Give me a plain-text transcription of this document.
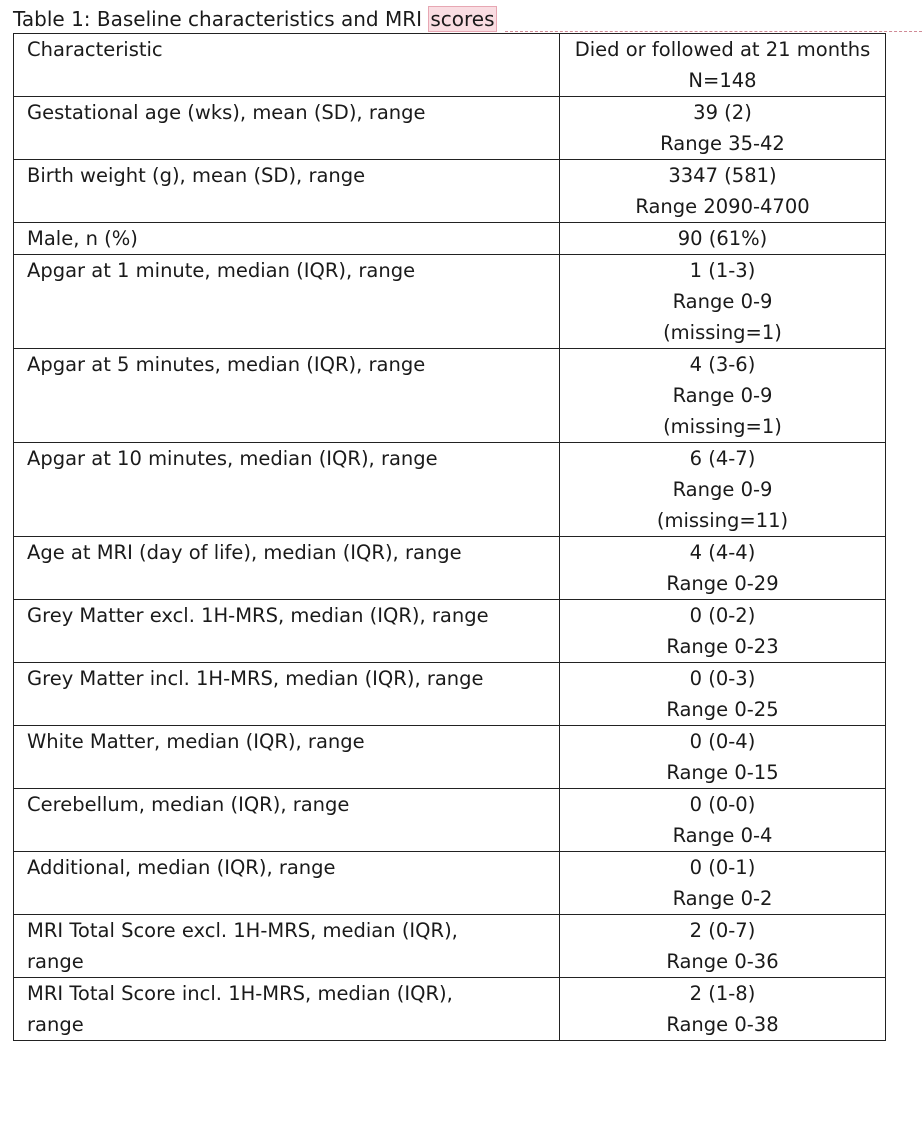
Table 1: Baseline characteristics and MRI scores
Characteristic	Died or followed at 21 months
N=148

Gestational age (wks), mean (SD), range	39 (2)
Range 35-42

Birth weight (g), mean (SD), range	3347 (581)
Range 2090-4700

Male, n (%)	90 (61%)

Apgar at 1 minute, median (IQR), range	1 (1-3)
Range 0-9
(missing=1)

Apgar at 5 minutes, median (IQR), range	4 (3-6)
Range 0-9
(missing=1)

Apgar at 10 minutes, median (IQR), range	6 (4-7)
Range 0-9
(missing=11)

Age at MRI (day of life), median (IQR), range	4 (4-4)
Range 0-29

Grey Matter excl. 1H-MRS, median (IQR), range	0 (0-2)
Range 0-23

Grey Matter incl. 1H-MRS, median (IQR), range	0 (0-3)
Range 0-25

White Matter, median (IQR), range	0 (0-4)
Range 0-15

Cerebellum, median (IQR), range	0 (0-0)
Range 0-4

Additional, median (IQR), range	0 (0-1)
Range 0-2

MRI Total Score excl. 1H-MRS, median (IQR),
range	2 (0-7)
Range 0-36

MRI Total Score incl. 1H-MRS, median (IQR),
range	2 (1-8)
Range 0-38
